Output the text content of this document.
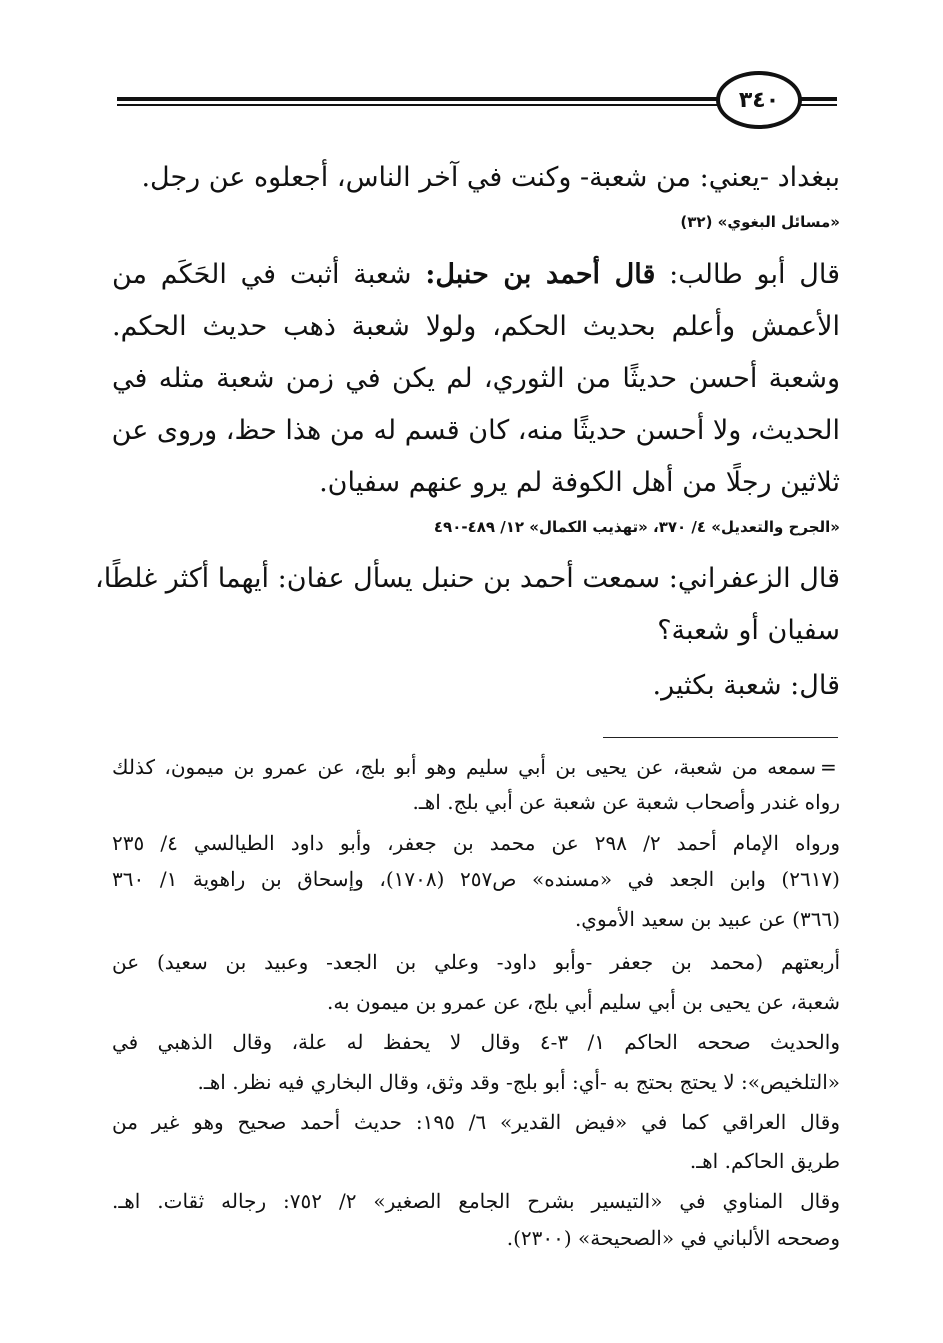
٣٤٠
ببغداد -يعني: من شعبة- وكنت في آخر الناس، أجعلوه عن رجل.
«مسائل البغوي» (٣٢)
قال أبو طالب: قال أحمد بن حنبل: شعبة أثبت في الحَكَم من
الأعمش وأعلم بحديث الحكم، ولولا شعبة ذهب حديث الحكم.
وشعبة أحسن حديثًا من الثوري، لم يكن في زمن شعبة مثله في
الحديث، ولا أحسن حديثًا منه، كان قسم له من هذا حظ، وروى عن
ثلاثين رجلًا من أهل الكوفة لم يرو عنهم سفيان.
«الجرح والتعديل» ٤/ ٣٧٠، «تهذيب الكمال» ١٢/ ٤٨٩-٤٩٠
قال الزعفراني: سمعت أحمد بن حنبل يسأل عفان: أيهما أكثر غلطًا،
سفيان أو شعبة؟
قال: شعبة بكثير.
=
سمعه من شعبة، عن يحيى بن أبي سليم وهو أبو بلج، عن عمرو بن ميمون، كذلك
رواه غندر وأصحاب شعبة عن شعبة عن أبي بلج. اهـ.
ورواه الإمام أحمد ٢/ ٢٩٨ عن محمد بن جعفر، وأبو داود الطيالسي ٤/ ٢٣٥
(٢٦١٧) وابن الجعد في «مسنده» ص٢٥٧ (١٧٠٨)، وإسحاق بن راهوية ١/ ٣٦٠
(٣٦٦) عن عبيد بن سعيد الأموي.
أربعتهم (محمد بن جعفر -وأبو داود- وعلي بن الجعد- وعبيد بن سعيد) عن
شعبة، عن يحيى بن أبي سليم أبي بلج، عن عمرو بن ميمون به.
والحديث صححه الحاكم ١/ ٣-٤ وقال لا يحفظ له علة، وقال الذهبي في
«التلخيص»: لا يحتج بحتج به -أي: أبو بلج- وقد وثق، وقال البخاري فيه نظر. اهـ.
وقال العراقي كما في «فيض القدير» ٦/ ١٩٥: حديث أحمد صحيح وهو غير من
طريق الحاكم. اهـ.
وقال المناوي في «التيسير بشرح الجامع الصغير» ٢/ ٧٥٢: رجاله ثقات. اهـ.
وصححه الألباني في «الصحيحة» (٢٣٠٠).
